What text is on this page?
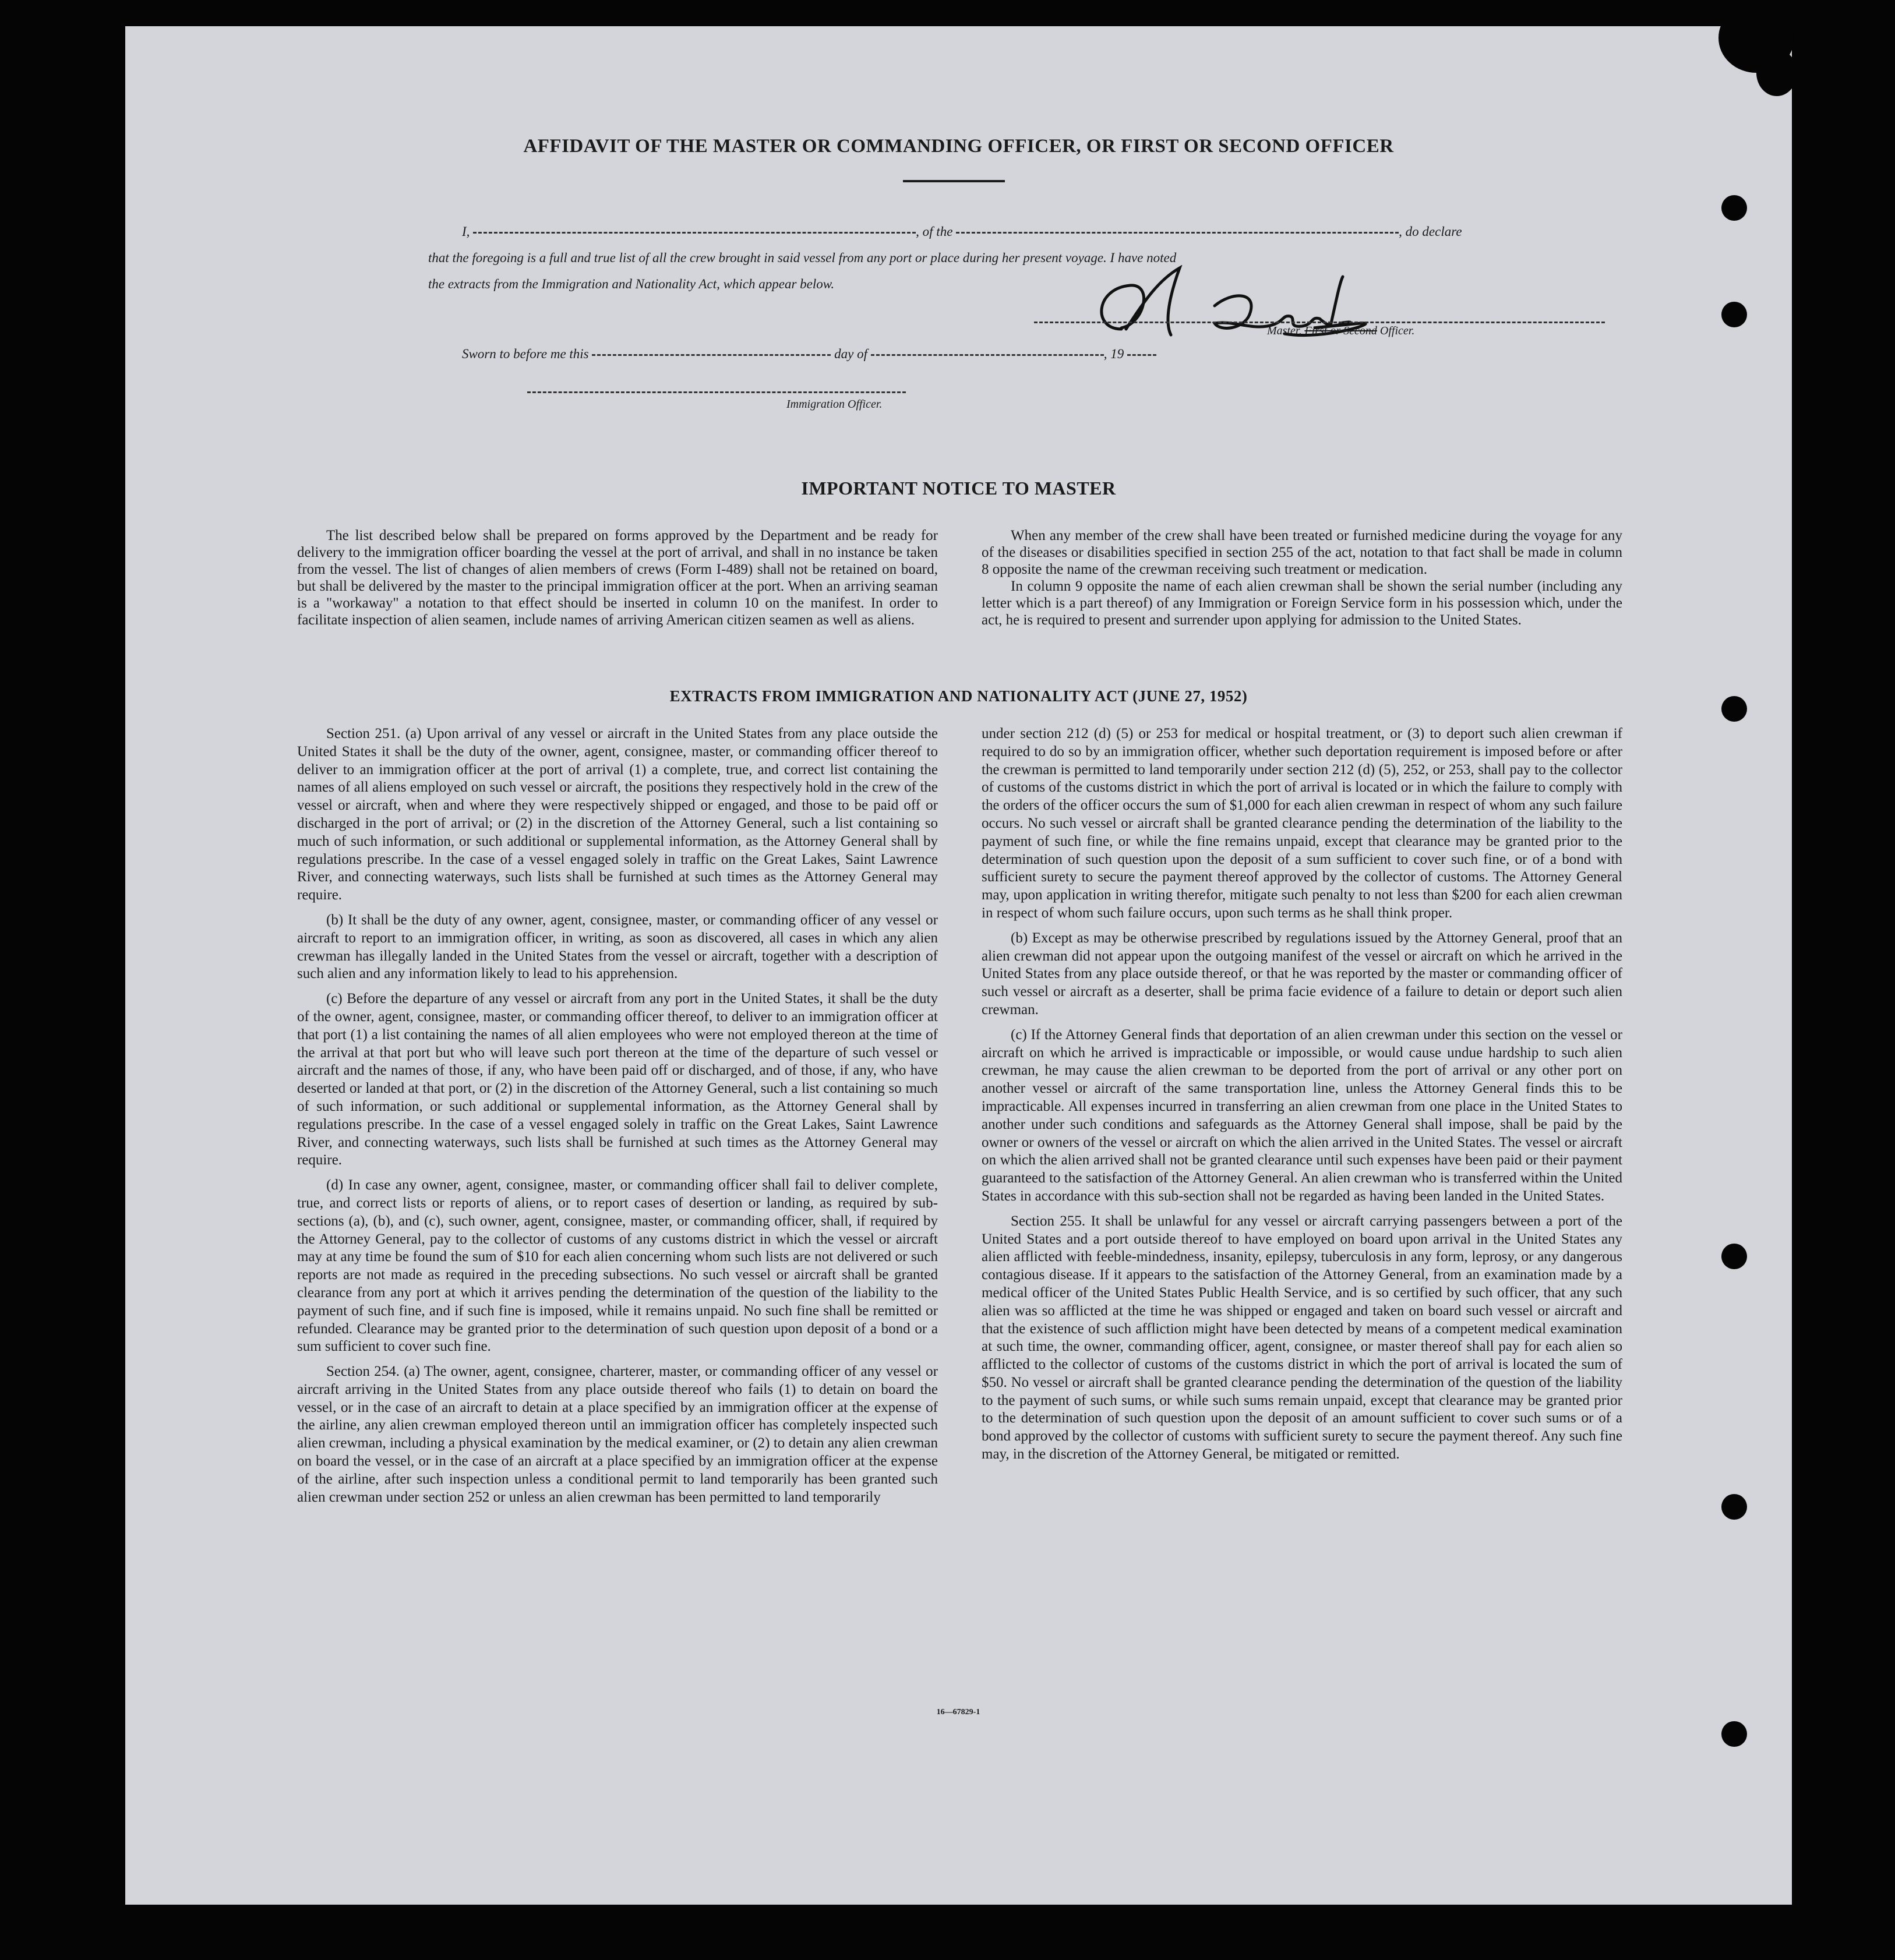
AFFIDAVIT OF THE MASTER OR COMMANDING OFFICER, OR FIRST OR SECOND OFFICER
I,	, of the	, do declare
that the foregoing is a full and true list of all the crew brought in said vessel from any port or place during her present voyage. I have noted
the extracts from the Immigration and Nationality Act, which appear below.
Master, First or Second Officer.
Sworn to before me this	day of	, 19
Immigration Officer.
IMPORTANT NOTICE TO MASTER

The list described below shall be prepared on forms approved by the Department and be ready for delivery to the immigration officer boarding the vessel at the port of arrival, and shall in no instance be taken from the vessel. The list of changes of alien members of crews (Form I-489) shall not be retained on board, but shall be delivered by the master to the principal immigration officer at the port. When an arriving seaman is a "workaway" a notation to that effect should be inserted in column 10 on the manifest. In order to facilitate inspection of alien seamen, include names of arriving American citizen seamen as well as aliens.

When any member of the crew shall have been treated or furnished medicine during the voyage for any of the diseases or disabilities specified in section 255 of the act, notation to that fact shall be made in column 8 opposite the name of the crewman receiving such treatment or medication.

In column 9 opposite the name of each alien crewman shall be shown the serial number (including any letter which is a part thereof) of any Immigration or Foreign Service form in his possession which, under the act, he is required to present and surrender upon applying for admission to the United States.

EXTRACTS FROM IMMIGRATION AND NATIONALITY ACT (JUNE 27, 1952)

Section 251. (a) Upon arrival of any vessel or aircraft in the United States from any place outside the United States it shall be the duty of the owner, agent, consignee, master, or commanding officer thereof to deliver to an immigration officer at the port of arrival (1) a complete, true, and correct list containing the names of all aliens employed on such vessel or aircraft, the positions they respectively hold in the crew of the vessel or aircraft, when and where they were respectively shipped or engaged, and those to be paid off or discharged in the port of arrival; or (2) in the discretion of the Attorney General, such a list containing so much of such information, or such additional or supplemental information, as the Attorney General shall by regulations prescribe. In the case of a vessel engaged solely in traffic on the Great Lakes, Saint Lawrence River, and connecting waterways, such lists shall be furnished at such times as the Attorney General may require.

(b) It shall be the duty of any owner, agent, consignee, master, or commanding officer of any vessel or aircraft to report to an immigration officer, in writing, as soon as discovered, all cases in which any alien crewman has illegally landed in the United States from the vessel or aircraft, together with a description of such alien and any information likely to lead to his apprehension.

(c) Before the departure of any vessel or aircraft from any port in the United States, it shall be the duty of the owner, agent, consignee, master, or commanding officer thereof, to deliver to an immigration officer at that port (1) a list containing the names of all alien employees who were not employed thereon at the time of the arrival at that port but who will leave such port thereon at the time of the departure of such vessel or aircraft and the names of those, if any, who have been paid off or discharged, and of those, if any, who have deserted or landed at that port, or (2) in the discretion of the Attorney General, such a list containing so much of such information, or such additional or supplemental information, as the Attorney General shall by regulations prescribe. In the case of a vessel engaged solely in traffic on the Great Lakes, Saint Lawrence River, and connecting waterways, such lists shall be furnished at such times as the Attorney General may require.

(d) In case any owner, agent, consignee, master, or commanding officer shall fail to deliver complete, true, and correct lists or reports of aliens, or to report cases of desertion or landing, as required by sub-sections (a), (b), and (c), such owner, agent, consignee, master, or commanding officer, shall, if required by the Attorney General, pay to the collector of customs of any customs district in which the vessel or aircraft may at any time be found the sum of $10 for each alien concerning whom such lists are not delivered or such reports are not made as required in the preceding subsections. No such vessel or aircraft shall be granted clearance from any port at which it arrives pending the determination of the question of the liability to the payment of such fine, and if such fine is imposed, while it remains unpaid. No such fine shall be remitted or refunded. Clearance may be granted prior to the determination of such question upon deposit of a bond or a sum sufficient to cover such fine.

Section 254. (a) The owner, agent, consignee, charterer, master, or commanding officer of any vessel or aircraft arriving in the United States from any place outside thereof who fails (1) to detain on board the vessel, or in the case of an aircraft to detain at a place specified by an immigration officer at the expense of the airline, any alien crewman employed thereon until an immigration officer has completely inspected such alien crewman, including a physical examination by the medical examiner, or (2) to detain any alien crewman on board the vessel, or in the case of an aircraft at a place specified by an immigration officer at the expense of the airline, after such inspection unless a conditional permit to land temporarily has been granted such alien crewman under section 252 or unless an alien crewman has been permitted to land temporarily

under section 212 (d) (5) or 253 for medical or hospital treatment, or (3) to deport such alien crewman if required to do so by an immigration officer, whether such deportation requirement is imposed before or after the crewman is permitted to land temporarily under section 212 (d) (5), 252, or 253, shall pay to the collector of customs of the customs district in which the port of arrival is located or in which the failure to comply with the orders of the officer occurs the sum of $1,000 for each alien crewman in respect of whom any such failure occurs. No such vessel or aircraft shall be granted clearance pending the determination of the liability to the payment of such fine, or while the fine remains unpaid, except that clearance may be granted prior to the determination of such question upon the deposit of a sum sufficient to cover such fine, or of a bond with sufficient surety to secure the payment thereof approved by the collector of customs. The Attorney General may, upon application in writing therefor, mitigate such penalty to not less than $200 for each alien crewman in respect of whom such failure occurs, upon such terms as he shall think proper.

(b) Except as may be otherwise prescribed by regulations issued by the Attorney General, proof that an alien crewman did not appear upon the outgoing manifest of the vessel or aircraft on which he arrived in the United States from any place outside thereof, or that he was reported by the master or commanding officer of such vessel or aircraft as a deserter, shall be prima facie evidence of a failure to detain or deport such alien crewman.

(c) If the Attorney General finds that deportation of an alien crewman under this section on the vessel or aircraft on which he arrived is impracticable or impossible, or would cause undue hardship to such alien crewman, he may cause the alien crewman to be deported from the port of arrival or any other port on another vessel or aircraft of the same transportation line, unless the Attorney General finds this to be impracticable. All expenses incurred in transferring an alien crewman from one place in the United States to another under such conditions and safeguards as the Attorney General shall impose, shall be paid by the owner or owners of the vessel or aircraft on which the alien arrived in the United States. The vessel or aircraft on which the alien arrived shall not be granted clearance until such expenses have been paid or their payment guaranteed to the satisfaction of the Attorney General. An alien crewman who is transferred within the United States in accordance with this sub-section shall not be regarded as having been landed in the United States.

Section 255. It shall be unlawful for any vessel or aircraft carrying passengers between a port of the United States and a port outside thereof to have employed on board upon arrival in the United States any alien afflicted with feeble-mindedness, insanity, epilepsy, tuberculosis in any form, leprosy, or any dangerous contagious disease. If it appears to the satisfaction of the Attorney General, from an examination made by a medical officer of the United States Public Health Service, and is so certified by such officer, that any such alien was so afflicted at the time he was shipped or engaged and taken on board such vessel or aircraft and that the existence of such affliction might have been detected by means of a competent medical examination at such time, the owner, commanding officer, agent, consignee, or master thereof shall pay for each alien so afflicted to the collector of customs of the customs district in which the port of arrival is located the sum of $50. No vessel or aircraft shall be granted clearance pending the determination of the question of the liability to the payment of such sums, or while such sums remain unpaid, except that clearance may be granted prior to the determination of such question upon the deposit of an amount sufficient to cover such sums or of a bond approved by the collector of customs with sufficient surety to secure the payment thereof. Any such fine may, in the discretion of the Attorney General, be mitigated or remitted.

16—67829-1
